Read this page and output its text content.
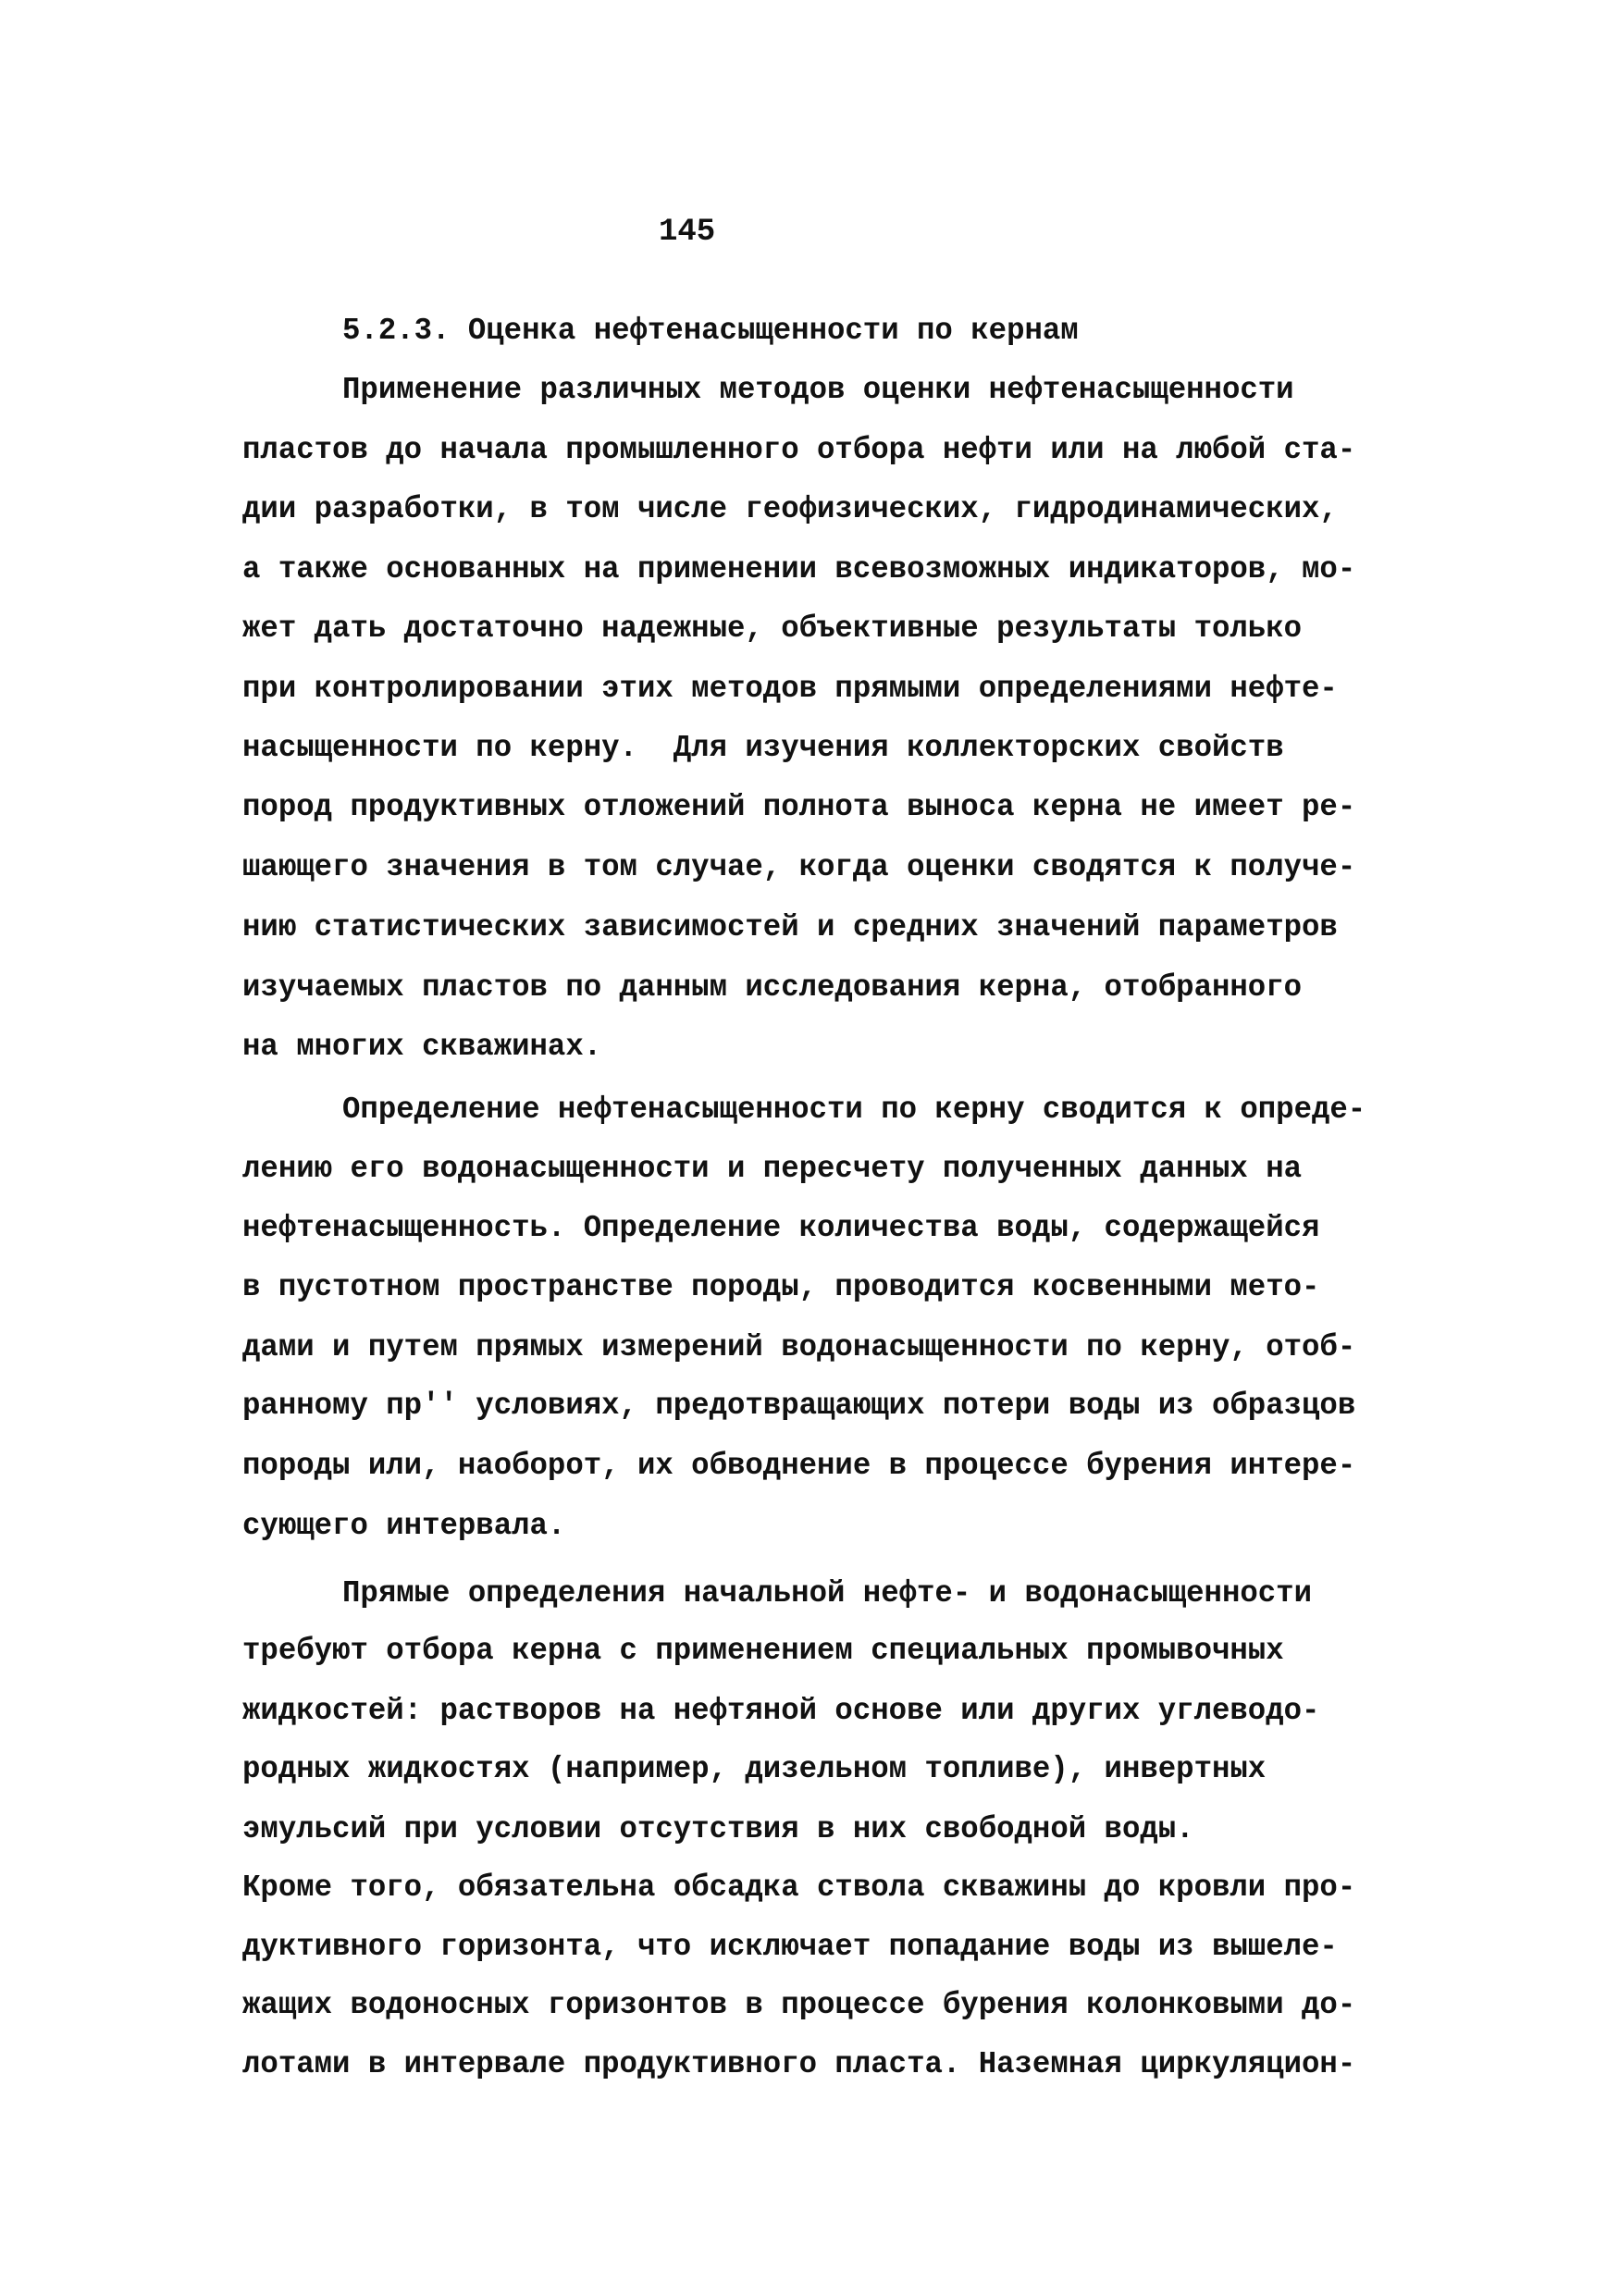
145
5.2.3. Оценка нефтенасыщенности по кернам
Применение различных методов оценки нефтенасыщенности
пластов до начала промышленного отбора нефти или на любой ста-
дии разработки, в том числе геофизических, гидродинамических,
а также основанных на применении всевозможных индикаторов, мо-
жет дать достаточно надежные, объективные результаты только
при контролировании этих методов прямыми определениями нефте-
насыщенности по керну.  Для изучения коллекторских свойств
пород продуктивных отложений полнота выноса керна не имеет ре-
шающего значения в том случае, когда оценки сводятся к получе-
нию статистических зависимостей и средних значений параметров
изучаемых пластов по данным исследования керна, отобранного
на многих скважинах.
Определение нефтенасыщенности по керну сводится к опреде-
лению его водонасыщенности и пересчету полученных данных на
нефтенасыщенность. Определение количества воды, содержащейся
в пустотном пространстве породы, проводится косвенными мето-
дами и путем прямых измерений водонасыщенности по керну, отоб-
ранному пр'' условиях, предотвращающих потери воды из образцов
породы или, наоборот, их обводнение в процессе бурения интере-
сующего интервала.
Прямые определения начальной нефте- и водонасыщенности
требуют отбора керна с применением специальных промывочных
жидкостей: растворов на нефтяной основе или других углеводо-
родных жидкостях (например, дизельном топливе), инвертных
эмульсий при условии отсутствия в них свободной воды.
Кроме того, обязательна обсадка ствола скважины до кровли про-
дуктивного горизонта, что исключает попадание воды из вышеле-
жащих водоносных горизонтов в процессе бурения колонковыми до-
лотами в интервале продуктивного пласта. Наземная циркуляцион-
